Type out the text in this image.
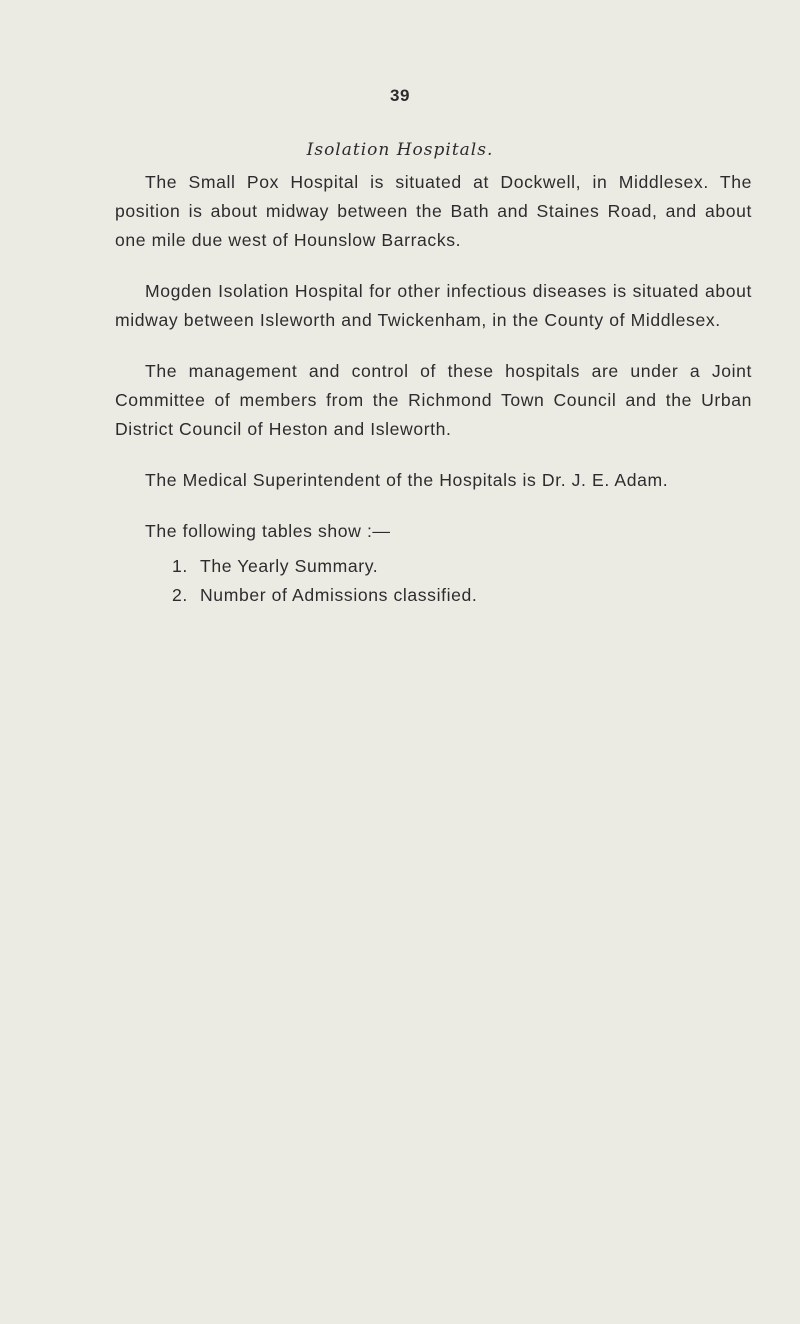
39
Isolation Hospitals.

The Small Pox Hospital is situated at Dockwell, in Middlesex. The position is about midway between the Bath and Staines Road, and about one mile due west of Hounslow Barracks.

Mogden Isolation Hospital for other infectious diseases is situated about midway between Isleworth and Twickenham, in the County of Middlesex.

The management and control of these hospitals are under a Joint Committee of members from the Richmond Town Council and the Urban District Council of Heston and Isleworth.

The Medical Superintendent of the Hospitals is Dr. J. E. Adam.

The following tables show :—

1. The Yearly Summary.
2. Number of Admissions classified.
